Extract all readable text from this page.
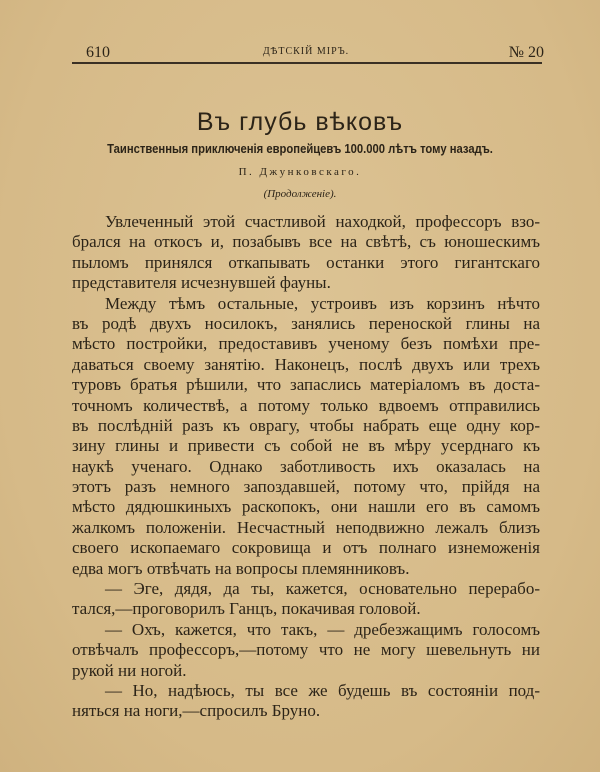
610	ДѢТСКІЙ МІРЪ.	№ 20
Въ глубь вѣковъ
Таинственныя приключенія европейцевъ 100.000 лѣтъ тому назадъ.
П. Джунковскаго.
(Продолженіе).
Увлеченный этой счастливой находкой, профессоръ взо-
брался на откосъ и, позабывъ все на свѣтѣ, съ юношескимъ
пыломъ принялся откапывать останки этого гигантскаго
представителя исчезнувшей фауны.
Между тѣмъ остальные, устроивъ изъ корзинъ нѣчто
въ родѣ двухъ носилокъ, занялись переноской глины на
мѣсто постройки, предоставивъ ученому безъ помѣхи пре-
даваться своему занятію. Наконецъ, послѣ двухъ или трехъ
туровъ братья рѣшили, что запаслись матеріаломъ въ доста-
точномъ количествѣ, а потому только вдвоемъ отправились
въ послѣдній разъ къ оврагу, чтобы набрать еще одну кор-
зину глины и привести съ собой не въ мѣру усерднаго къ
наукѣ ученаго. Однако заботливость ихъ оказалась на
этотъ разъ немного запоздавшей, потому что, прійдя на
мѣсто дядюшкиныхъ раскопокъ, они нашли его въ самомъ
жалкомъ положеніи. Несчастный неподвижно лежалъ близъ
своего ископаемаго сокровища и отъ полнаго изнеможенія
едва могъ отвѣчать на вопросы племянниковъ.
— Эге, дядя, да ты, кажется, основательно перерабо-
тался,—проговорилъ Ганцъ, покачивая головой.
— Охъ, кажется, что такъ, — дребезжащимъ голосомъ
отвѣчалъ профессоръ,—потому что не могу шевельнуть ни
рукой ни ногой.
— Но, надѣюсь, ты все же будешь въ состояніи под-
няться на ноги,—спросилъ Бруно.
